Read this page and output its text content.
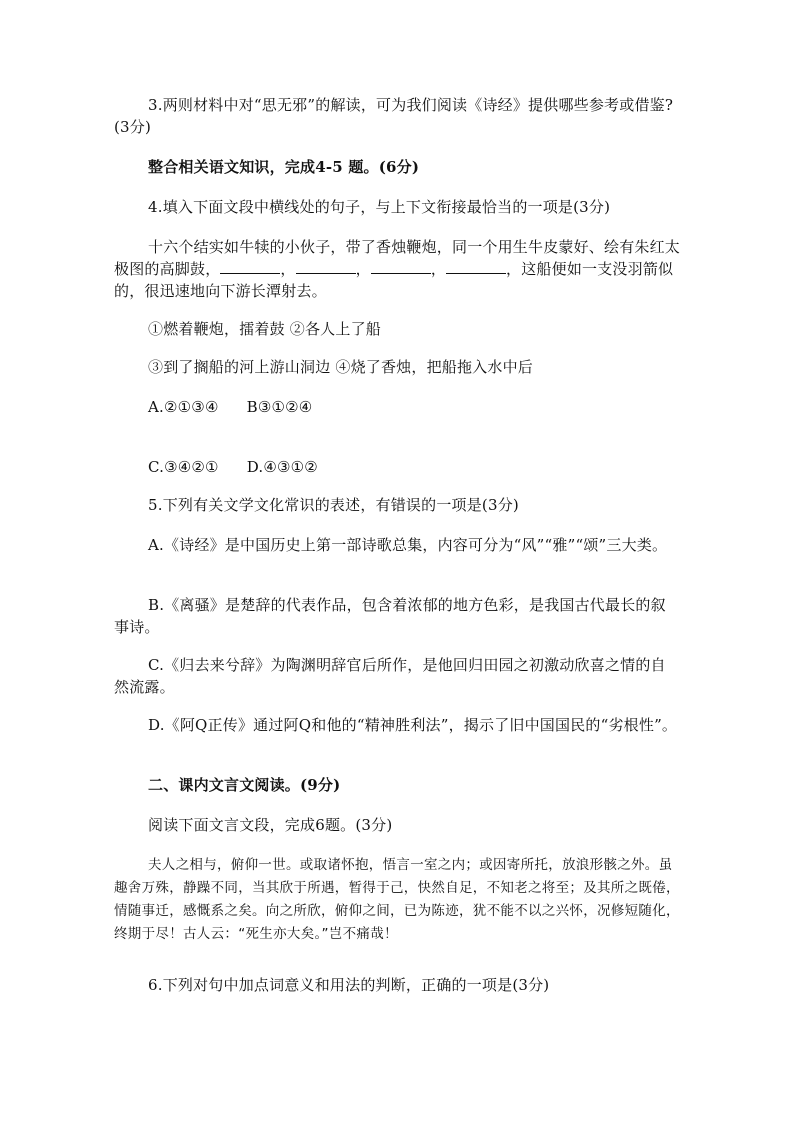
3.两则材料中对“思无邪”的解读，可为我们阅读《诗经》提供哪些参考或借鉴?(3分)

整合相关语文知识，完成4-5 题。(6分)

4.填入下面文段中横线处的句子，与上下文衔接最恰当的一项是(3分)

十六个结实如牛犊的小伙子，带了香烛鞭炮，同一个用生牛皮蒙好、绘有朱红太极图的高脚鼓，	，	，	，	，这船便如一支没羽箭似的，很迅速地向下游长潭射去。

①燃着鞭炮，擂着鼓 ②各人上了船

③到了搁船的河上游山洞边 ④烧了香烛，把船拖入水中后

A.②①③④ B③①②④

C.③④②① D.④③①②

5.下列有关文学文化常识的表述，有错误的一项是(3分)

A.《诗经》是中国历史上第一部诗歌总集，内容可分为“风”“雅”“颂”三大类。

B.《离骚》是楚辞的代表作品，包含着浓郁的地方色彩，是我国古代最长的叙事诗。

C.《归去来兮辞》为陶渊明辞官后所作，是他回归田园之初激动欣喜之情的自然流露。

D.《阿Q正传》通过阿Q和他的“精神胜利法”，揭示了旧中国国民的“劣根性”。

二、课内文言文阅读。(9分)

阅读下面文言文段，完成6题。(3分)

夫人之相与，俯仰一世。或取诸怀抱，悟言一室之内；或因寄所托，放浪形骸之外。虽趣舍万殊，静躁不同，当其欣于所遇，暂得于己，快然自足，不知老之将至；及其所之既倦，情随事迁，感慨系之矣。向之所欣，俯仰之间，已为陈迹，犹不能不以之兴怀，况修短随化，终期于尽！古人云：“死生亦大矣。”岂不痛哉！

6.下列对句中加点词意义和用法的判断，正确的一项是(3分)
